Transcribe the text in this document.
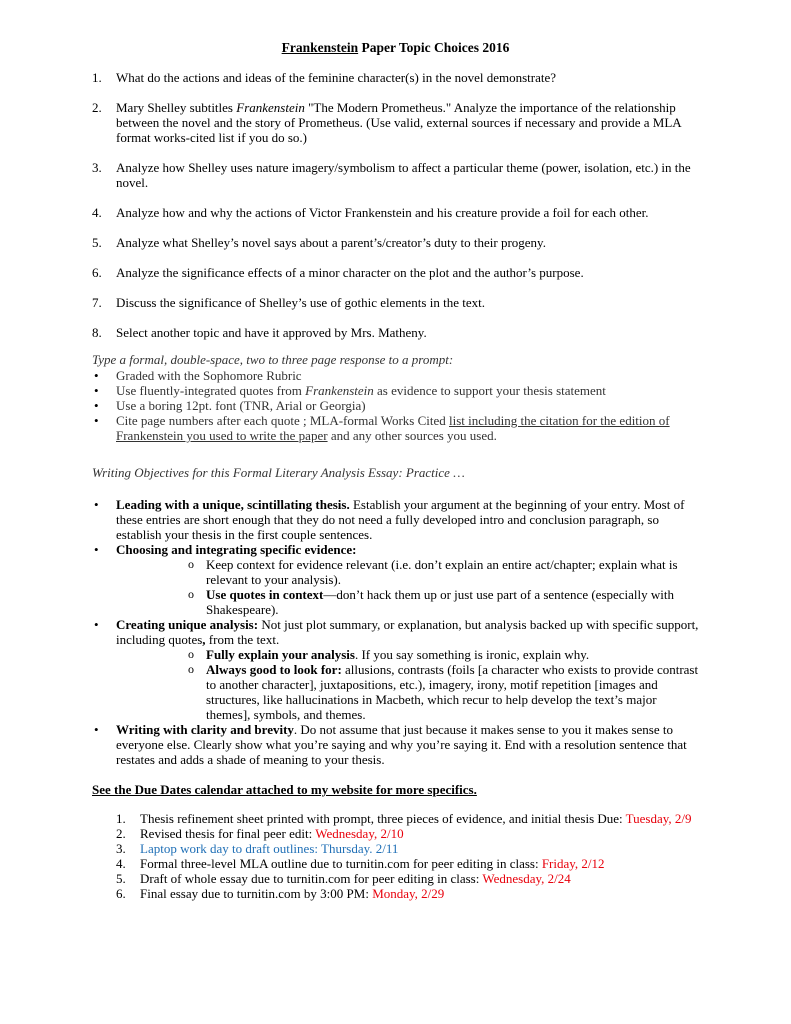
Frankenstein Paper Topic Choices 2016
1. What do the actions and ideas of the feminine character(s) in the novel demonstrate?
2. Mary Shelley subtitles Frankenstein "The Modern Prometheus." Analyze the importance of the relationship between the novel and the story of Prometheus. (Use valid, external sources if necessary and provide a MLA format works-cited list if you do so.)
3. Analyze how Shelley uses nature imagery/symbolism to affect a particular theme (power, isolation, etc.) in the novel.
4. Analyze how and why the actions of Victor Frankenstein and his creature provide a foil for each other.
5. Analyze what Shelley’s novel says about a parent’s/creator’s duty to their progeny.
6. Analyze the significance effects of a minor character on the plot and the author’s purpose.
7. Discuss the significance of Shelley’s use of gothic elements in the text.
8. Select another topic and have it approved by Mrs. Matheny.
Type a formal, double-space, two to three page response to a prompt:
• Graded with the Sophomore Rubric
• Use fluently-integrated quotes from Frankenstein as evidence to support your thesis statement
• Use a boring 12pt. font (TNR, Arial or Georgia)
• Cite page numbers after each quote ; MLA-formal Works Cited list including the citation for the edition of Frankenstein you used to write the paper and any other sources you used.
Writing Objectives for this Formal Literary Analysis Essay: Practice …
• Leading with a unique, scintillating thesis. Establish your argument at the beginning of your entry. Most of these entries are short enough that they do not need a fully developed intro and conclusion paragraph, so establish your thesis in the first couple sentences.
• Choosing and integrating specific evidence:
o Keep context for evidence relevant (i.e. don’t explain an entire act/chapter; explain what is relevant to your analysis).
o Use quotes in context—don’t hack them up or just use part of a sentence (especially with Shakespeare).
• Creating unique analysis: Not just plot summary, or explanation, but analysis backed up with specific support, including quotes, from the text.
o Fully explain your analysis. If you say something is ironic, explain why.
o Always good to look for: allusions, contrasts (foils [a character who exists to provide contrast to another character], juxtapositions, etc.), imagery, irony, motif repetition [images and structures, like hallucinations in Macbeth, which recur to help develop the text’s major themes], symbols, and themes.
• Writing with clarity and brevity. Do not assume that just because it makes sense to you it makes sense to everyone else. Clearly show what you’re saying and why you’re saying it. End with a resolution sentence that restates and adds a shade of meaning to your thesis.
See the Due Dates calendar attached to my website for more specifics.
1. Thesis refinement sheet printed with prompt, three pieces of evidence, and initial thesis Due: Tuesday, 2/9
2. Revised thesis for final peer edit: Wednesday, 2/10
3. Laptop work day to draft outlines: Thursday. 2/11
4. Formal three-level MLA outline due to turnitin.com for peer editing in class: Friday, 2/12
5. Draft of whole essay due to turnitin.com for peer editing in class: Wednesday, 2/24
6. Final essay due to turnitin.com by 3:00 PM: Monday, 2/29
